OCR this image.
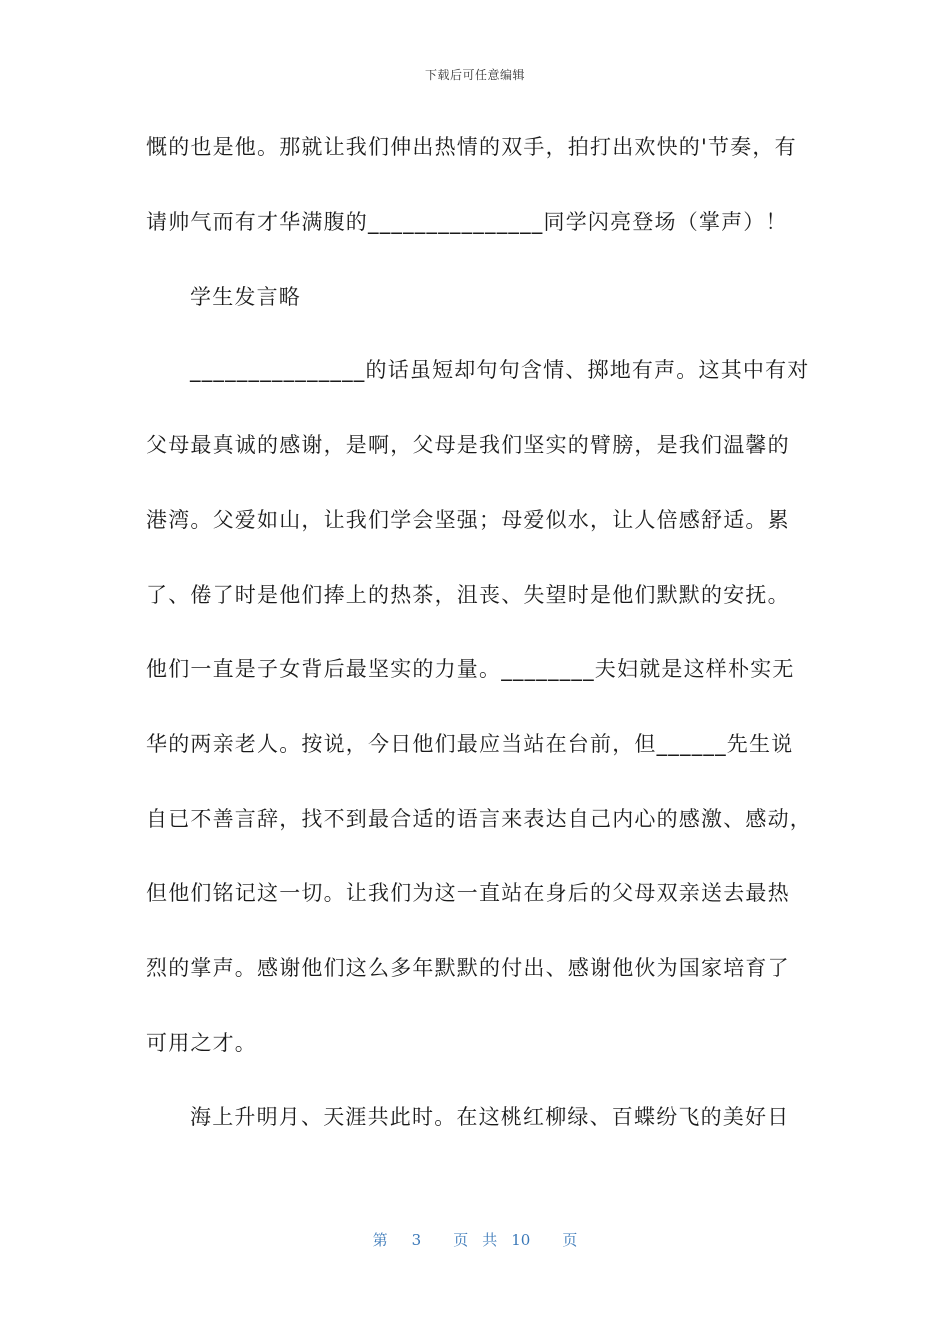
下载后可任意编辑
慨的也是他。那就让我们伸出热情的双手，拍打出欢快的'节奏，有
请帅气而有才华满腹的_______________同学闪亮登场（掌声）！
学生发言略
_______________的话虽短却句句含情、掷地有声。这其中有对
父母最真诚的感谢，是啊，父母是我们坚实的臂膀，是我们温馨的
港湾。父爱如山，让我们学会坚强；母爱似水，让人倍感舒适。累
了、倦了时是他们捧上的热茶，沮丧、失望时是他们默默的安抚。
他们一直是子女背后最坚实的力量。________夫妇就是这样朴实无
华的两亲老人。按说，今日他们最应当站在台前，但______先生说
自已不善言辞，找不到最合适的语言来表达自己内心的感激、感动，
但他们铭记这一切。让我们为这一直站在身后的父母双亲送去最热
烈的掌声。感谢他们这么多年默默的付出、感谢他伙为国家培育了
可用之才。
海上升明月、天涯共此时。在这桃红柳绿、百蝶纷飞的美好日
第 3 页 共 10 页
